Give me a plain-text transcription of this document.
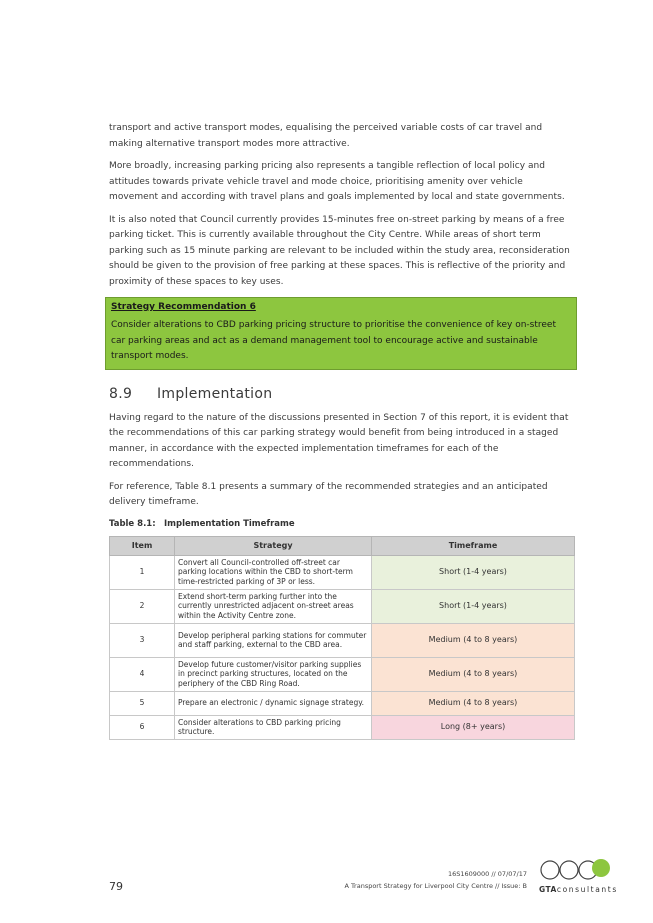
transport and active transport modes, equalising the perceived variable costs of car travel and making alternative transport modes more attractive.

More broadly, increasing parking pricing also represents a tangible reflection of local policy and attitudes towards private vehicle travel and mode choice, prioritising amenity over vehicle movement and according with travel plans and goals implemented by local and state governments.

It is also noted that Council currently provides 15-minutes free on-street parking by means of a free parking ticket. This is currently available throughout the City Centre. While areas of short term parking such as 15 minute parking are relevant to be included within the study area, reconsideration should be given to the provision of free parking at these spaces. This is reflective of the priority and proximity of these spaces to key uses.

Strategy Recommendation 6

Consider alterations to CBD parking pricing structure to prioritise the convenience of key on-street car parking areas and act as a demand management tool to encourage active and sustainable transport modes.

8.9 Implementation

Having regard to the nature of the discussions presented in Section 7 of this report, it is evident that the recommendations of this car parking strategy would benefit from being introduced in a staged manner, in accordance with the expected implementation timeframes for each of the recommendations.

For reference, Table 8.1 presents a summary of the recommended strategies and an anticipated delivery timeframe.

Table 8.1: Implementation Timeframe
Item	Strategy	Timeframe
1	Convert all Council-controlled off-street car parking locations within the CBD to short-term time-restricted parking of 3P or less.	Short (1-4 years)
2	Extend short-term parking further into the currently unrestricted adjacent on-street areas within the Activity Centre zone.	Short (1-4 years)
3	Develop peripheral parking stations for commuter and staff parking, external to the CBD area.	Medium (4 to 8 years)
4	Develop future customer/visitor parking supplies in precinct parking structures, located on the periphery of the CBD Ring Road.	Medium (4 to 8 years)
5	Prepare an electronic / dynamic signage strategy.	Medium (4 to 8 years)
6	Consider alterations to CBD parking pricing structure.	Long (8+ years)
79
16S1609000 // 07/07/17
A Transport Strategy for Liverpool City Centre // Issue: B GTAconsultants
